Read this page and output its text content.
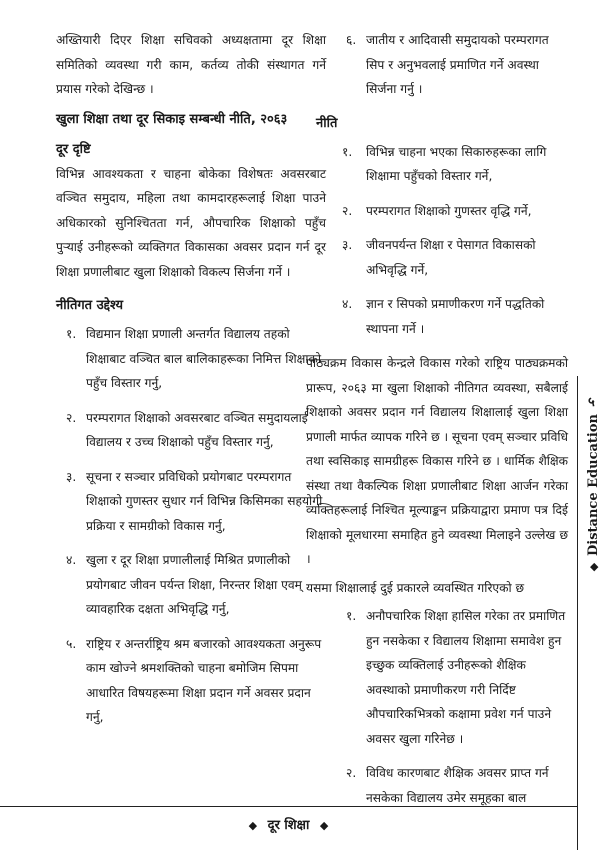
अख्तियारी दिएर शिक्षा सचिवको अध्यक्षतामा दूर शिक्षा समितिको व्यवस्था गरी काम, कर्तव्य तोकी संस्थागत गर्ने प्रयास गरेको देखिन्छ ।

खुला शिक्षा तथा दूर सिकाइ सम्बन्धी नीति, २०६३
दूर दृष्टि

विभिन्न आवश्यकता र चाहना बोकेका विशेषतः अवसरबाट वञ्चित समुदाय, महिला तथा कामदारहरूलाई शिक्षा पाउने अधिकारको सुनिश्चितता गर्न, औपचारिक शिक्षाको पहुँच पुऱ्याई उनीहरूको व्यक्तिगत विकासका अवसर प्रदान गर्न दूर शिक्षा प्रणालीबाट खुला शिक्षाको विकल्प सिर्जना गर्ने ।

नीतिगत उद्देश्य
१. विद्यमान शिक्षा प्रणाली अन्तर्गत विद्यालय तहको शिक्षाबाट वञ्चित बाल बालिकाहरूका निमित्त शिक्षाको पहुँच विस्तार गर्नु,
२. परम्परागत शिक्षाको अवसरबाट वञ्चित समुदायलाई विद्यालय र उच्च शिक्षाको पहुँच विस्तार गर्नु,
३. सूचना र सञ्चार प्रविधिको प्रयोगबाट परम्परागत शिक्षाको गुणस्तर सुधार गर्न विभिन्न किसिमका सहयोगी प्रक्रिया र सामग्रीको विकास गर्नु,
४. खुला र दूर शिक्षा प्रणालीलाई मिश्रित प्रणालीको प्रयोगबाट जीवन पर्यन्त शिक्षा, निरन्तर शिक्षा एवम् व्यावहारिक दक्षता अभिवृद्धि गर्नु,
५. राष्ट्रिय र अन्तर्राष्ट्रिय श्रम बजारको आवश्यकता अनुरूप काम खोज्ने श्रमशक्तिको चाहना बमोजिम सिपमा आधारित विषयहरूमा शिक्षा प्रदान गर्ने अवसर प्रदान गर्नु,
६. जातीय र आदिवासी समुदायको परम्परागत सिप र अनुभवलाई प्रमाणित गर्ने अवस्था सिर्जना गर्नु ।
नीति
१. विभिन्न चाहना भएका सिकारुहरूका लागि शिक्षामा पहुँचको विस्तार गर्ने,
२. परम्परागत शिक्षाको गुणस्तर वृद्धि गर्ने,
३. जीवनपर्यन्त शिक्षा र पेसागत विकासको अभिवृद्धि गर्ने,
४. ज्ञान र सिपको प्रमाणीकरण गर्ने पद्धतिको स्थापना गर्ने ।

पाठ्यक्रम विकास केन्द्रले विकास गरेको राष्ट्रिय पाठ्यक्रमको प्रारूप, २०६३ मा खुला शिक्षाको नीतिगत व्यवस्था, सबैलाई शिक्षाको अवसर प्रदान गर्न विद्यालय शिक्षालाई खुला शिक्षा प्रणाली मार्फत व्यापक गरिने छ । सूचना एवम् सञ्चार प्रविधि तथा स्वसिकाइ सामग्रीहरू विकास गरिने छ । धार्मिक शैक्षिक संस्था तथा वैकल्पिक शिक्षा प्रणालीबाट शिक्षा आर्जन गरेका व्यक्तिहरूलाई निश्चित मूल्याङ्कन प्रक्रियाद्वारा प्रमाण पत्र दिई शिक्षाको मूलधारमा समाहित हुने व्यवस्था मिलाइने उल्लेख छ ।

यसमा शिक्षालाई दुई प्रकारले व्यवस्थित गरिएको छ

१. अनौपचारिक शिक्षा हासिल गरेका तर प्रमाणित हुन नसकेका र विद्यालय शिक्षामा समावेश हुन इच्छुक व्यक्तिलाई उनीहरूको शैक्षिक अवस्थाको प्रमाणीकरण गरी निर्दिष्ट औपचारिकभित्रको कक्षामा प्रवेश गर्न पाउने अवसर खुला गरिनेछ ।
२. विविध कारणबाट शैक्षिक अवसर प्राप्त गर्न नसकेका विद्यालय उमेर समूहका बाल
◆ दूर शिक्षा ◆
५
Distance Education
◆
